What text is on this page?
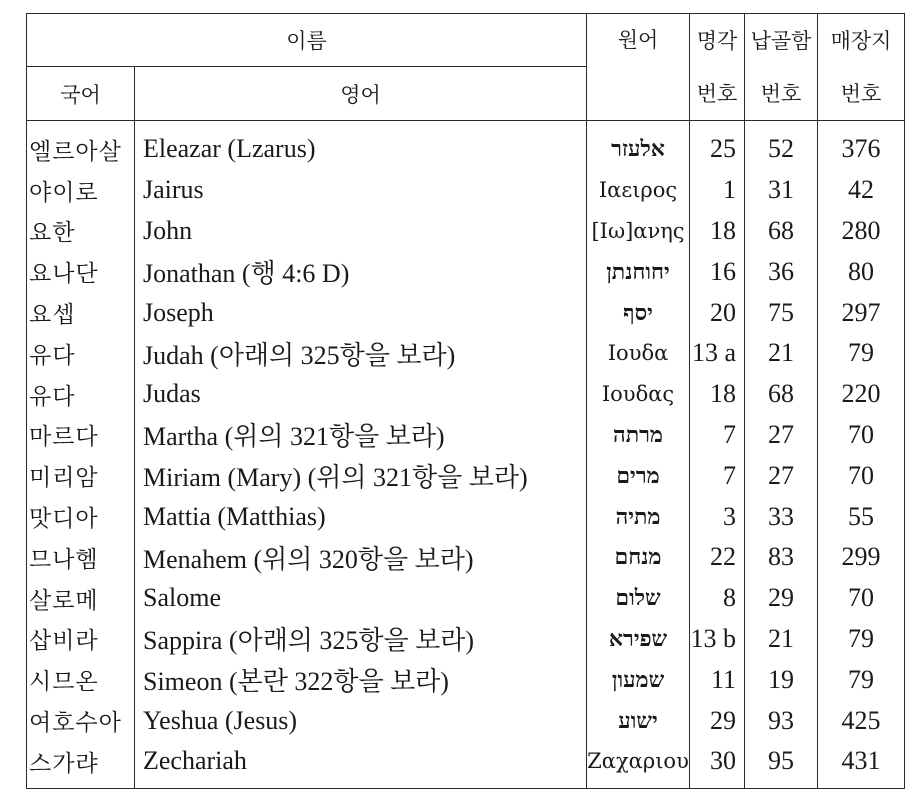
이름		원어	명각	납골함	매장지
국어	영어		번호	번호	번호
엘르아살	Eleazar (Lzarus)	אלעזר	25	52	376
야이로	Jairus	Ιαειρος	1	31	42
요한	John	[Ιω]ανης	18	68	280
요나단	Jonathan (행 4:6 D)	יחוחנתן	16	36	80
요셉	Joseph	יסף	20	75	297
유다	Judah (아래의 325항을 보라)	Ιουδα	13 a	21	79
유다	Judas	Ιουδας	18	68	220
마르다	Martha (위의 321항을 보라)	מרתה	7	27	70
미리암	Miriam (Mary) (위의 321항을 보라)	מרים	7	27	70
맛디아	Mattia (Matthias)	מתיה	3	33	55
므나헴	Menahem (위의 320항을 보라)	מנחם	22	83	299
살로메	Salome	שלום	8	29	70
삽비라	Sappira (아래의 325항을 보라)	שפירא	13 b	21	79
시므온	Simeon (본란 322항을 보라)	שמעון	11	19	79
여호수아	Yeshua (Jesus)	ישוע	29	93	425
스가랴	Zechariah	Ζαχαριου	30	95	431
